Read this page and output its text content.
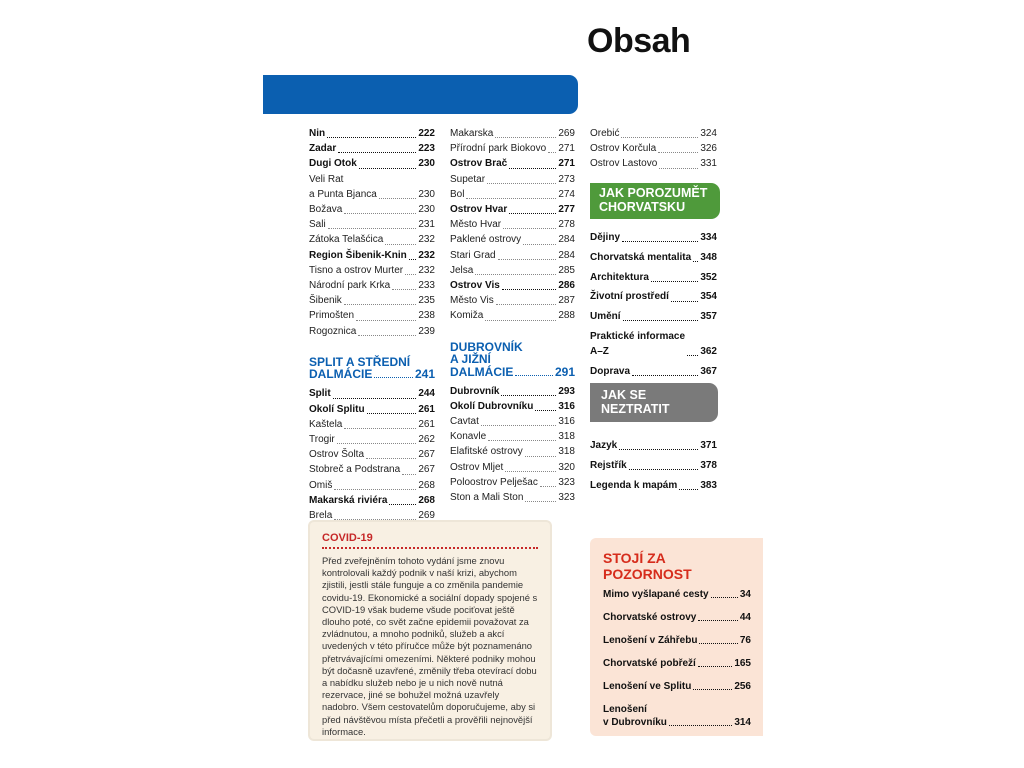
Obsah
Nin	222
Zadar	223
Dugi Otok	230
Veli Rat
a Punta Bjanca	230
Božava	230
Sali	231
Zátoka Telašćica	232
Region Šibenik-Knin 232
Tisno a ostrov Murter 232
Národní park Krka	233
Šibenik	235
Primošten	238
Rogoznica	239
SPLIT A STŘEDNÍ
DALMÁCIE	241
Split	244
Okolí Splitu	261
Kaštela	261
Trogir	262
Ostrov Šolta	267
Stobreč a Podstrana 267
Omiš	268
Makarská riviéra	268
Brela	269
Makarska	269
Přírodní park Biokovo 271
Ostrov Brač	271
Supetar	273
Bol	274
Ostrov Hvar	277
Město Hvar	278
Paklené ostrovy	284
Stari Grad	284
Jelsa	285
Ostrov Vis	286
Město Vis	287
Komiža	288
DUBROVNÍK
A JIŽNÍ
DALMÁCIE	291
Dubrovník	293
Okolí Dubrovníku 316
Cavtat	316
Konavle	318
Elafitské ostrovy	318
Ostrov Mljet	320
Poloostrov Pelješac 323
Ston a Mali Ston	323
Orebić	324
Ostrov Korčula	326
Ostrov Lastovo	331
JAK POROZUMĚT
CHORVATSKU
Dějiny	334
Chorvatská mentalita 348
Architektura	352
Životní prostředí	354
Umění	357
Praktické informace
A–Z	362
Doprava	367
JAK SE
NEZTRATIT
Jazyk	371
Rejstřík	378
Legenda k mapám 383
COVID-19
Před zveřejněním tohoto vydání jsme znovu kontrolovali každý podnik v naší krizi, abychom zjistili, jestli stále funguje a co změnila pandemie covidu-19. Ekonomické a sociální dopady spojené s COVID-19 však budeme všude pociťovat ještě dlouho poté, co svět začne epidemii považovat za zvládnutou, a mnoho podniků, služeb a akcí uvedených v této příručce může být poznamenáno přetrvávajícími omezeními. Některé podniky mohou být dočasně uzavřené, změnily třeba otevírací dobu a nabídku služeb nebo je u nich nově nutná rezervace, jiné se bohužel možná uzavřely nadobro. Všem cestovatelům doporučujeme, aby si před návštěvou místa přečetli a prověřili nejnovější informace.
STOJÍ ZA
POZORNOST
Mimo vyšlapané cesty	34
Chorvatské ostrovy	44
Lenošení v Záhřebu	76
Chorvatské pobřeží	165
Lenošení ve Splitu	256
Lenošení
v Dubrovníku	314
